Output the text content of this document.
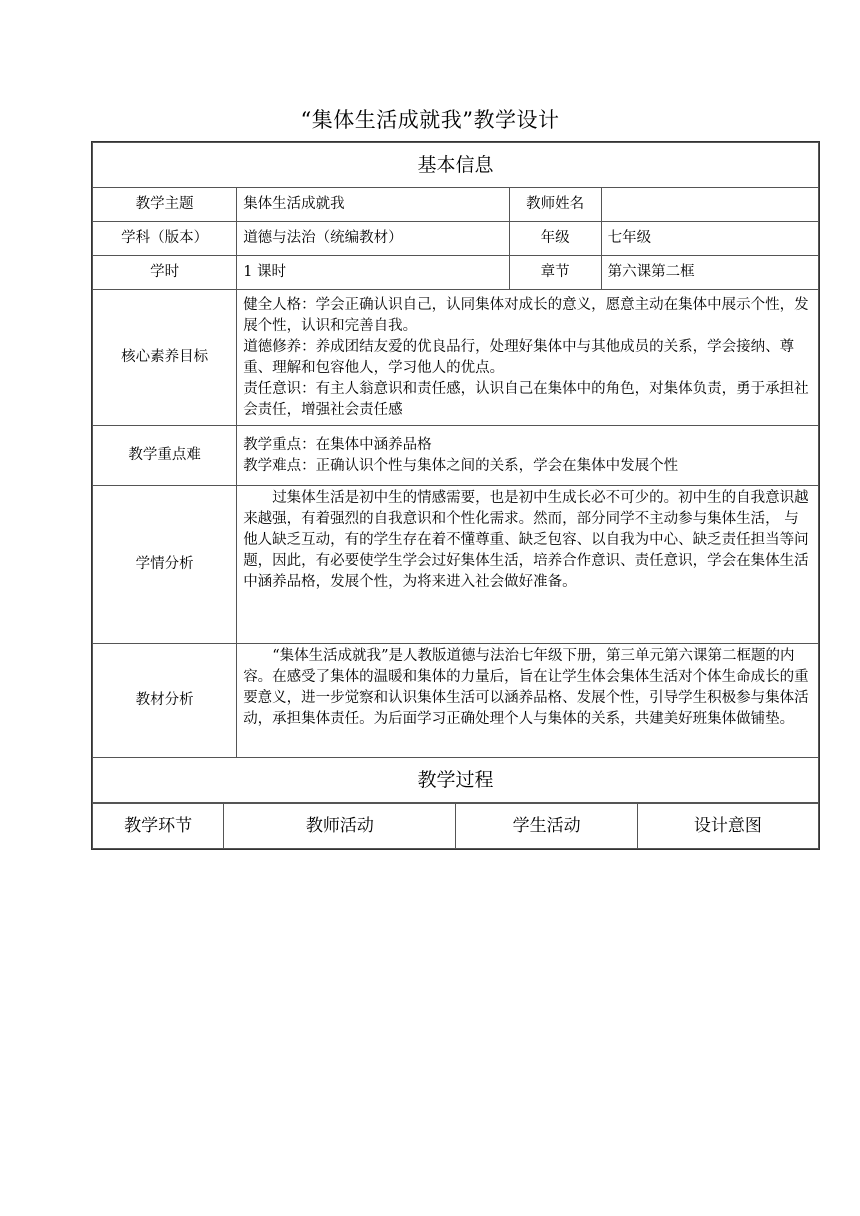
“集体生活成就我”教学设计
基本信息			
教学主题	集体生活成就我	教师姓名	
学科（版本）	道德与法治（统编教材）	年级	七年级
学时	1 课时	章节	第六课第二框
核心素养目标	健全人格：学会正确认识自己，认同集体对成长的意义，愿意主动在集体中展示个性，发展个性，认识和完善自我。
道德修养：养成团结友爱的优良品行，处理好集体中与其他成员的关系，学会接纳、尊重、理解和包容他人，学习他人的优点。
责任意识：有主人翁意识和责任感，认识自己在集体中的角色，对集体负责，勇于承担社会责任，增强社会责任感		

教学重点难	教学重点：在集体中涵养品格
教学难点：正确认识个性与集体之间的关系，学会在集体中发展个性		

学情分析	过集体生活是初中生的情感需要，也是初中生成长必不可少的。初中生的自我意识越来越强，有着强烈的自我意识和个性化需求。然而，部分同学不主动参与集体生活， 与他人缺乏互动，有的学生存在着不懂尊重、缺乏包容、以自我为中心、缺乏责任担当等问题，因此，有必要使学生学会过好集体生活，培养合作意识、责任意识，学会在集体生活中涵养品格，发展个性，为将来进入社会做好准备。		

教材分析	“集体生活成就我”是人教版道德与法治七年级下册，第三单元第六课第二框题的内容。在感受了集体的温暖和集体的力量后，旨在让学生体会集体生活对个体生命成长的重要意义，进一步觉察和认识集体生活可以涵养品格、发展个性，引导学生积极参与集体活动，承担集体责任。为后面学习正确处理个人与集体的关系，共建美好班集体做铺垫。		

教学过程			
教学环节	教师活动	学生活动	设计意图
